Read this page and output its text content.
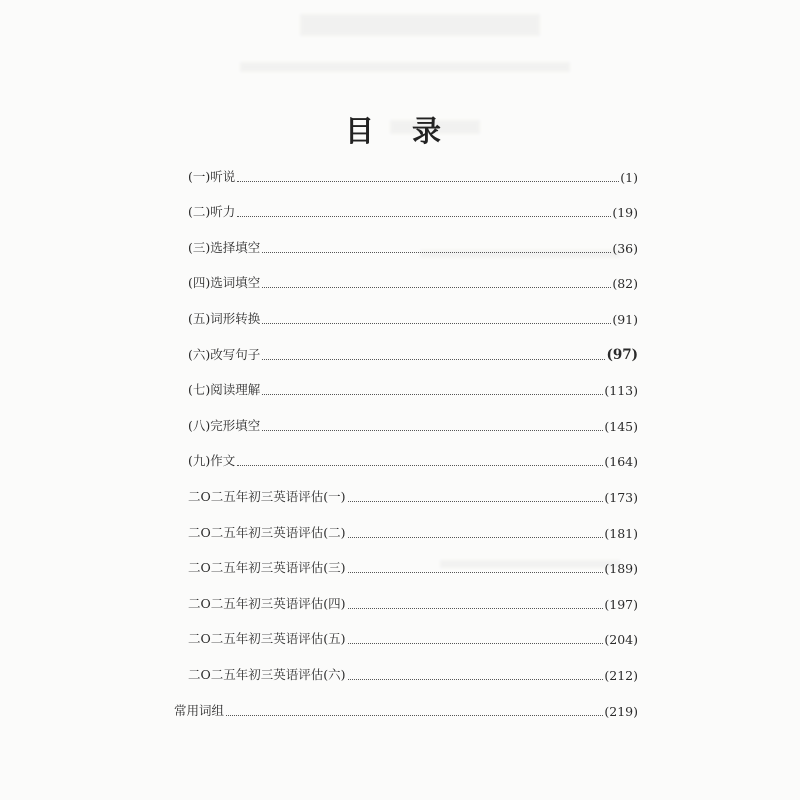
目 录
(一)听说	(1)
(二)听力	(19)
(三)选择填空	(36)
(四)选词填空	(82)
(五)词形转换	(91)
(六)改写句子	(97)
(七)阅读理解	(113)
(八)完形填空	(145)
(九)作文	(164)
二O二五年初三英语评估(一)	(173)
二O二五年初三英语评估(二)	(181)
二O二五年初三英语评估(三)	(189)
二O二五年初三英语评估(四)	(197)
二O二五年初三英语评估(五)	(204)
二O二五年初三英语评估(六)	(212)
常用词组	(219)
